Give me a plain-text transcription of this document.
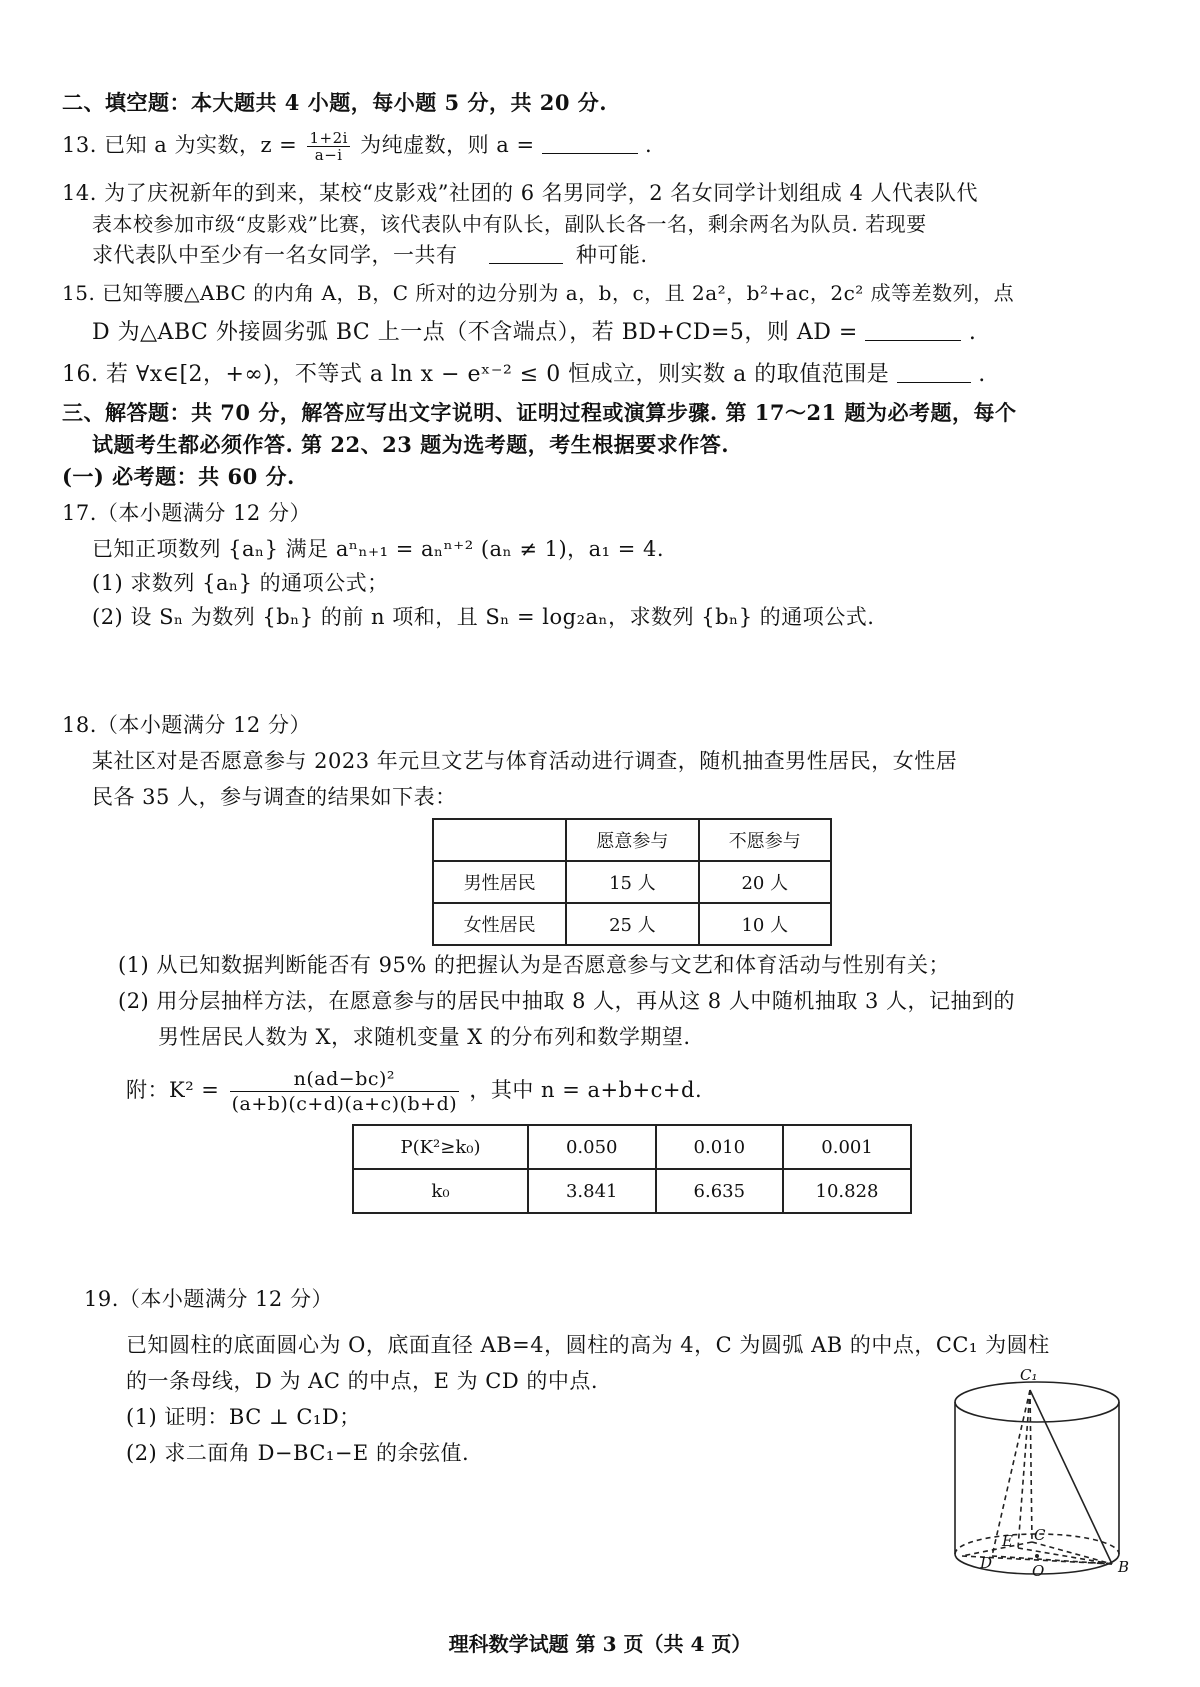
二、填空题：本大题共 4 小题，每小题 5 分，共 20 分.
13. 已知 a 为实数，$z = \frac{1+2i}{a-i}$ 为纯虚数，则 a =	.
14. 为了庆祝新年的到来，某校“皮影戏”社团的 6 名男同学，2 名女同学计划组成 4 人代表队代
表本校参加市级“皮影戏”比赛，该代表队中有队长，副队长各一名，剩余两名为队员. 若现要
求代表队中至少有一名女同学，一共有	种可能.
15. 已知等腰△ABC 的内角 A，B，C 所对的边分别为 a，b，c，且 2a²，b²+ac，2c² 成等差数列，点
D 为△ABC 外接圆劣弧 BC 上一点（不含端点），若 BD+CD=5，则 AD =	.
16. 若 ∀x∈[2，+∞)，不等式 a ln x − eˣ⁻² ≤ 0 恒成立，则实数 a 的取值范围是	.
三、解答题：共 70 分，解答应写出文字说明、证明过程或演算步骤. 第 17～21 题为必考题，每个
试题考生都必须作答. 第 22、23 题为选考题，考生根据要求作答.
(一) 必考题：共 60 分.
17.（本小题满分 12 分）
已知正项数列 {aₙ} 满足 aⁿₙ₊₁ = aₙⁿ⁺² (aₙ ≠ 1)，a₁ = 4.
(1) 求数列 {aₙ} 的通项公式；
(2) 设 Sₙ 为数列 {bₙ} 的前 n 项和，且 Sₙ = log₂aₙ，求数列 {bₙ} 的通项公式.
18.（本小题满分 12 分）
某社区对是否愿意参与 2023 年元旦文艺与体育活动进行调查，随机抽查男性居民，女性居
民各 35 人，参与调查的结果如下表：
	愿意参与	不愿参与
男性居民	15 人	20 人
女性居民	25 人	10 人
(1) 从已知数据判断能否有 95% 的把握认为是否愿意参与文艺和体育活动与性别有关；
(2) 用分层抽样方法，在愿意参与的居民中抽取 8 人，再从这 8 人中随机抽取 3 人，记抽到的
男性居民人数为 X，求随机变量 X 的分布列和数学期望.
附：$K^2 = \frac{\text{n(ad−bc)²}}{(a+b)(c+d)(a+c)(b+d)}$ ，其中 n = a+b+c+d.
P(K²≥k₀)	0.050	0.010	0.001
k₀	3.841	6.635	10.828
19.（本小题满分 12 分）
已知圆柱的底面圆心为 O，底面直径 AB=4，圆柱的高为 4，C 为圆弧 AB 的中点，CC₁ 为圆柱
的一条母线，D 为 AC 的中点，E 为 CD 的中点.
(1) 证明：BC ⊥ C₁D；
(2) 求二面角 D−BC₁−E 的余弦值.
C₁
C
E
D	O	B
理科数学试题 第 3 页（共 4 页）
